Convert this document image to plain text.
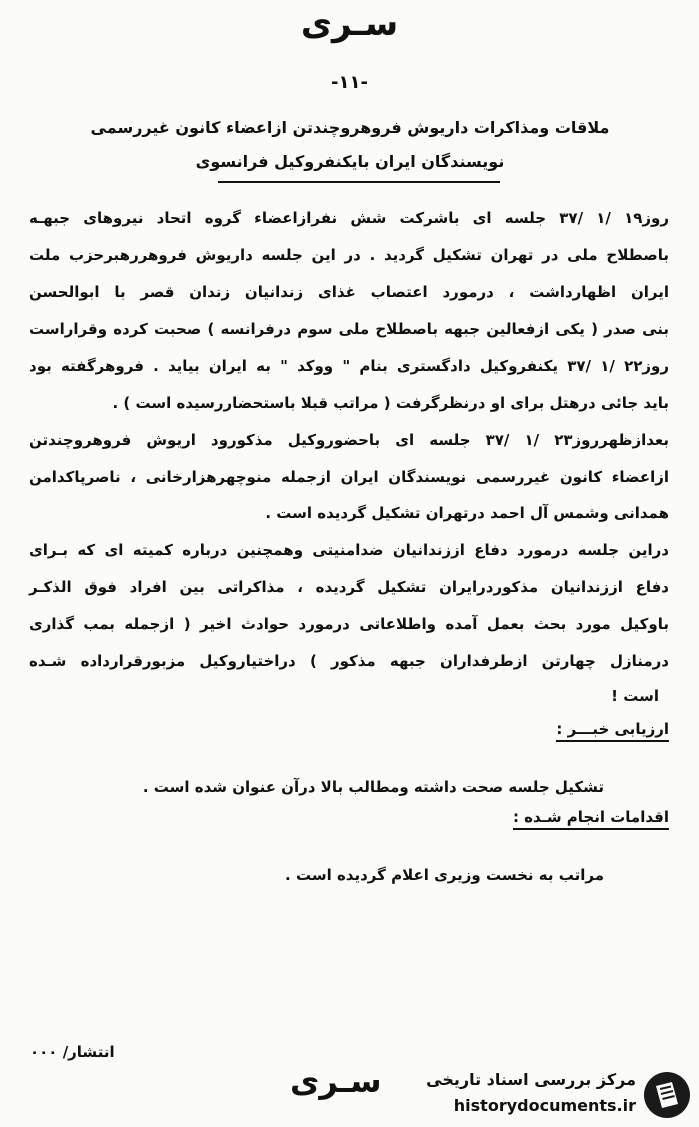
سـری
-۱۱-
ملاقات ومذاکرات داریوش فروهروچندتن ازاعضاء کانون غیررسمی
نویسندگان ایران بایکنفروکیل فرانسوی
روز۱۹ /۱ /۳۷ جلسه ای باشرکت شش نفرازاعضاء گروه اتحاد نیروهای جبهـه
باصطلاح ملی در تهران تشکیل گردید . در این جلسه داریوش فروهررهبرحزب ملت
ایران اظهارداشت ، درمورد اعتصاب غذای زندانیان زندان قصر با ابوالحسن
بنی صدر ( یکی ازفعالین جبهه باصطلاح ملی سوم درفرانسه ) صحبت کرده وقراراست
روز۲۲ /۱ /۳۷ یکنفروکیل دادگستری بنام " ووکد " به ایران بیاید . فروهرگفته بود
باید جائی درهتل برای او درنظرگرفت ( مراتب قبلا باستحضاررسیده است ) .
بعدازظهرروز۲۳ /۱ /۳۷ جلسه ای باحضوروکیل مذکورود اریوش فروهروچندتن
ازاعضاء کانون غیررسمی نویسندگان ایران ازجمله منوچهرهزارخانی ، ناصرپاکدامن
همدانی وشمس آل احمد درتهران تشکیل گردیده است .
دراین جلسه درمورد دفاع اززندانیان ضدامنیتی وهمچنین درباره کمیته ای که بـرای
دفاع اززندانیان مذکوردرایران تشکیل گردیده ، مذاکراتی بین افراد فوق الذکـر
باوکیل مورد بحث بعمل آمده واطلاعاتی درمورد حوادث اخیر ( ازجمله بمب گذاری
درمنازل چهارتن ازطرفداران جبهه مذکور ) دراختیاروکیل مزبورقرارداده شـده
است !
ارزیابی خبـــر :
تشکیل جلسه صحت داشته ومطالب بالا درآن عنوان شده است .
اقدامات انجام شـده :
مراتب به نخست وزیری اعلام گردیده است .
انتشار/ ۰۰۰
سـری	مرکز بررسی اسناد تاریخی
historydocuments.ir
